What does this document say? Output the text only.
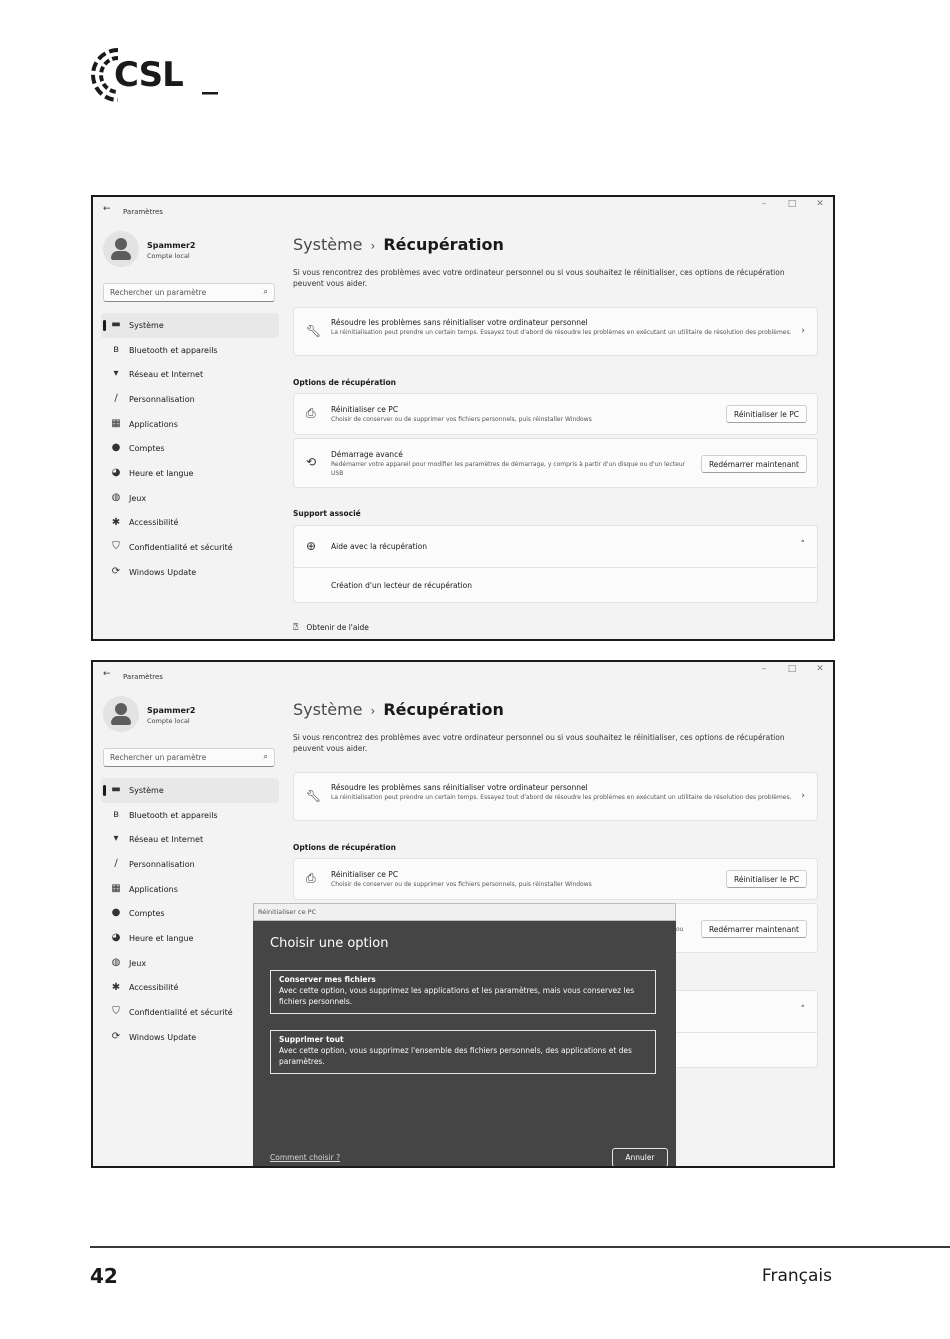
CSL
← Paramètres
–	□ ✕
Spammer2
Compte local
Rechercher un paramètre	⌕
▬ Système
ʙ	Bluetooth et appareils
▾	Réseau et Internet
∕	Personnalisation
▦ Applications
● Comptes
◕ Heure et langue
◍ Jeux
✱ Accessibilité
⛉ Confidentialité et sécurité
⟳ Windows Update
Système › Récupération
Si vous rencontrez des problèmes avec votre ordinateur personnel ou si vous souhaitez le réinitialiser, ces options de récupération peuvent vous aider.
🔧︎
Résoudre les problèmes sans réinitialiser votre ordinateur personnel
La réinitialisation peut prendre un certain temps. Essayez tout d'abord de résoudre les problèmes en exécutant un utilitaire de résolution des problèmes.	›
Options de récupération
⎙ Réinitialiser ce PC
Choisir de conserver ou de supprimer vos fichiers personnels, puis réinstaller Windows
Réinitialiser le PC
⟲
Démarrage avancé
Redémarrer votre appareil pour modifier les paramètres de démarrage, y compris à partir d'un disque ou d'un lecteur USB
Redémarrer maintenant
Support associé
⊕ Aide avec la récupération	˄
Création d'un lecteur de récupération
⍰ Obtenir de l'aide
← Paramètres
–	□ ✕
Spammer2
Compte local
Rechercher un paramètre	⌕
▬ Système
ʙ	Bluetooth et appareils
▾	Réseau et Internet
∕	Personnalisation
▦ Applications
● Comptes
◕ Heure et langue
◍ Jeux
✱ Accessibilité
⛉ Confidentialité et sécurité
⟳ Windows Update
Système › Récupération
Si vous rencontrez des problèmes avec votre ordinateur personnel ou si vous souhaitez le réinitialiser, ces options de récupération peuvent vous aider.
🔧︎
Résoudre les problèmes sans réinitialiser votre ordinateur personnel
La réinitialisation peut prendre un certain temps. Essayez tout d'abord de résoudre les problèmes en exécutant un utilitaire de résolution des problèmes.	›
Options de récupération
⎙ Réinitialiser ce PC
Choisir de conserver ou de supprimer vos fichiers personnels, puis réinstaller Windows
Réinitialiser le PC
ou	Redémarrer maintenant
˄
Réinitialiser ce PC
Choisir une option
Conserver mes fichiers
Avec cette option, vous supprimez les applications et les paramètres, mais vous conservez les fichiers personnels.
Supprimer tout
Avec cette option, vous supprimez l'ensemble des fichiers personnels, des applications et des paramètres.
Comment choisir ?	Annuler
42	Français
